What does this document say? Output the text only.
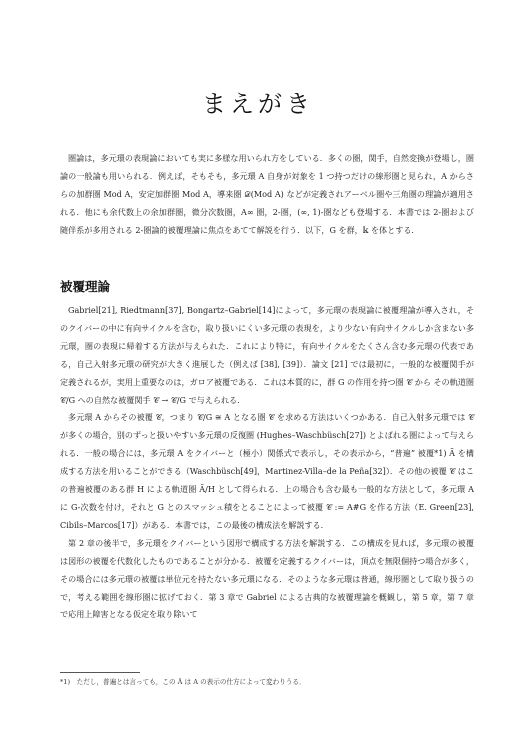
まえがき

圏論は，多元環の表現論においても実に多様な用いられ方をしている．多くの圏，関手，自然変換が登場し，圏論の一般論も用いられる．例えば，そもそも，多元環 A 自身が対象を 1 つ持つだけの線形圏と見られ，A からさらの加群圏 Mod A，安定加群圏 Mod A，導来圏 𝒟(Mod A) などが定義されアーベル圏や三角圏の理論が適用される．他にも余代数上の余加群圏，微分次数圏，A∞ 圏，2-圏，(∞, 1)-圏なども登場する．本書では 2-圏および随伴系が多用される 2-圏論的被覆理論に焦点をあてて解説を行う．以下，G を群，𝕜 を体とする．

被覆理論

Gabriel[21], Riedtmann[37], Bongartz–Gabriel[14]によって，多元環の表現論に被覆理論が導入され，そのクイバーの中に有向サイクルを含む，取り扱いにくい多元環の表現を，より少ない有向サイクルしか含まない多元環，圏の表現に帰着する方法が与えられた．これにより特に，有向サイクルをたくさん含む多元環の代表である，自己入射多元環の研究が大きく進展した（例えば [38], [39]）．論文 [21] では最初に，一般的な被覆関手が定義されるが，実用上重要なのは，ガロア被覆である．これは本質的に，群 G の作用を持つ圏 𝒞 から その軌道圏 𝒞/G への自然な被覆関手 𝒞 → 𝒞/G で与えられる．

多元環 A からその被覆 𝒞，つまり 𝒞/G ≅ A となる圏 𝒞 を求める方法はいくつかある．自己入射多元環では 𝒞 が多くの場合，別のずっと扱いやすい多元環の反復圏 (Hughes–Waschbüsch[27]) とよばれる圏によって与えられる．一般の場合には，多元環 A をクイバーと（極小）関係式で表示し，その表示から，“普遍” 被覆*1) Ã を構成する方法を用いることができる（Waschbüsch[49]，Martinez-Villa–de la Peña[32]）．その他の被覆 𝒞 はこの普遍被覆のある群 H による軌道圏 Ã/H として得られる．上の場合も含む最も一般的な方法として，多元環 A に G-次数を付け，それと G とのスマッシュ積をとることによって被覆 𝒞 := A#G を作る方法（E. Green[23], Cibils–Marcos[17]）がある．本書では，この最後の構成法を解説する．

第 2 章の後半で，多元環をクイバーという図形で構成する方法を解説する．この構成を見れば，多元環の被覆は図形の被覆を代数化したものであることが分かる．被覆を定義するクイバーは，頂点を無限個持つ場合が多く，その場合には多元環の被覆は単位元を持たない多元環になる．そのような多元環は普通，線形圏として取り扱うので，考える範囲を線形圏に拡げておく．第 3 章で Gabriel による古典的な被覆理論を概観し，第 5 章，第 7 章で応用上障害となる仮定を取り除いて

*1)　ただし，普遍とは言っても，この Ã は A の表示の仕方によって変わりうる．
